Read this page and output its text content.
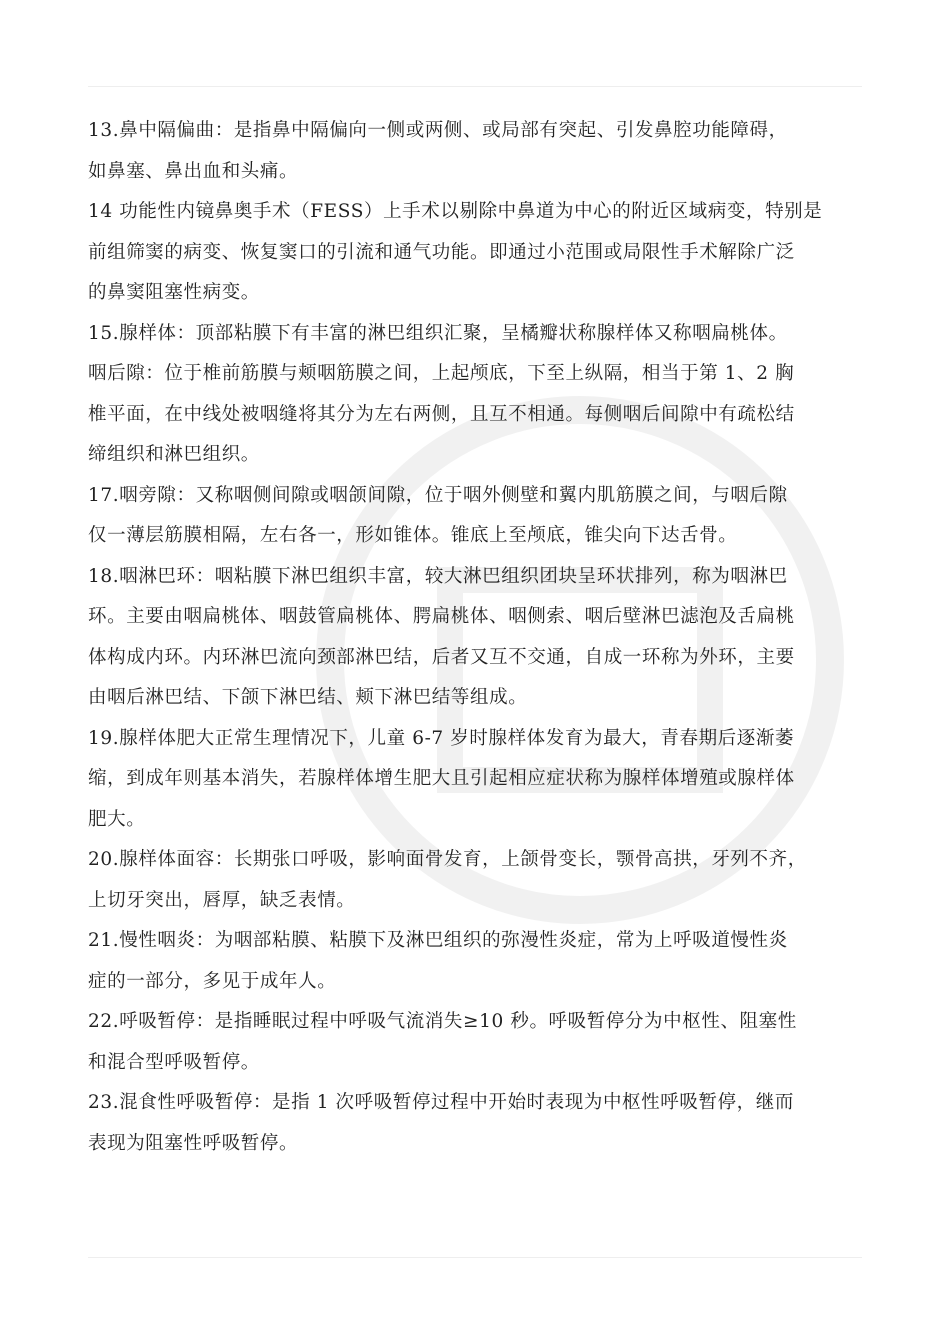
13.鼻中隔偏曲：是指鼻中隔偏向一侧或两侧、或局部有突起、引发鼻腔功能障碍，
如鼻塞、鼻出血和头痛。

14 功能性内镜鼻奥手术（FESS）上手术以剔除中鼻道为中心的附近区域病变，特别是
前组筛窦的病变、恢复窦口的引流和通气功能。即通过小范围或局限性手术解除广泛
的鼻窦阻塞性病变。

15.腺样体：顶部粘膜下有丰富的淋巴组织汇聚，呈橘瓣状称腺样体又称咽扁桃体。

咽后隙：位于椎前筋膜与颊咽筋膜之间，上起颅底，下至上纵隔，相当于第 1、2 胸
椎平面，在中线处被咽缝将其分为左右两侧，且互不相通。每侧咽后间隙中有疏松结
缔组织和淋巴组织。

17.咽旁隙：又称咽侧间隙或咽颌间隙，位于咽外侧壁和翼内肌筋膜之间，与咽后隙
仅一薄层筋膜相隔，左右各一，形如锥体。锥底上至颅底，锥尖向下达舌骨。

18.咽淋巴环：咽粘膜下淋巴组织丰富，较大淋巴组织团块呈环状排列，称为咽淋巴
环。主要由咽扁桃体、咽鼓管扁桃体、腭扁桃体、咽侧索、咽后壁淋巴滤泡及舌扁桃
体构成内环。内环淋巴流向颈部淋巴结，后者又互不交通，自成一环称为外环，主要
由咽后淋巴结、下颌下淋巴结、颊下淋巴结等组成。

19.腺样体肥大正常生理情况下，儿童 6-7 岁时腺样体发育为最大，青春期后逐渐萎
缩，到成年则基本消失，若腺样体增生肥大且引起相应症状称为腺样体增殖或腺样体
肥大。

20.腺样体面容：长期张口呼吸，影响面骨发育，上颌骨变长，颚骨高拱，牙列不齐，
上切牙突出，唇厚，缺乏表情。

21.慢性咽炎：为咽部粘膜、粘膜下及淋巴组织的弥漫性炎症，常为上呼吸道慢性炎
症的一部分，多见于成年人。

22.呼吸暂停：是指睡眠过程中呼吸气流消失≥10 秒。呼吸暂停分为中枢性、阻塞性
和混合型呼吸暂停。

23.混食性呼吸暂停：是指 1 次呼吸暂停过程中开始时表现为中枢性呼吸暂停，继而
表现为阻塞性呼吸暂停。
